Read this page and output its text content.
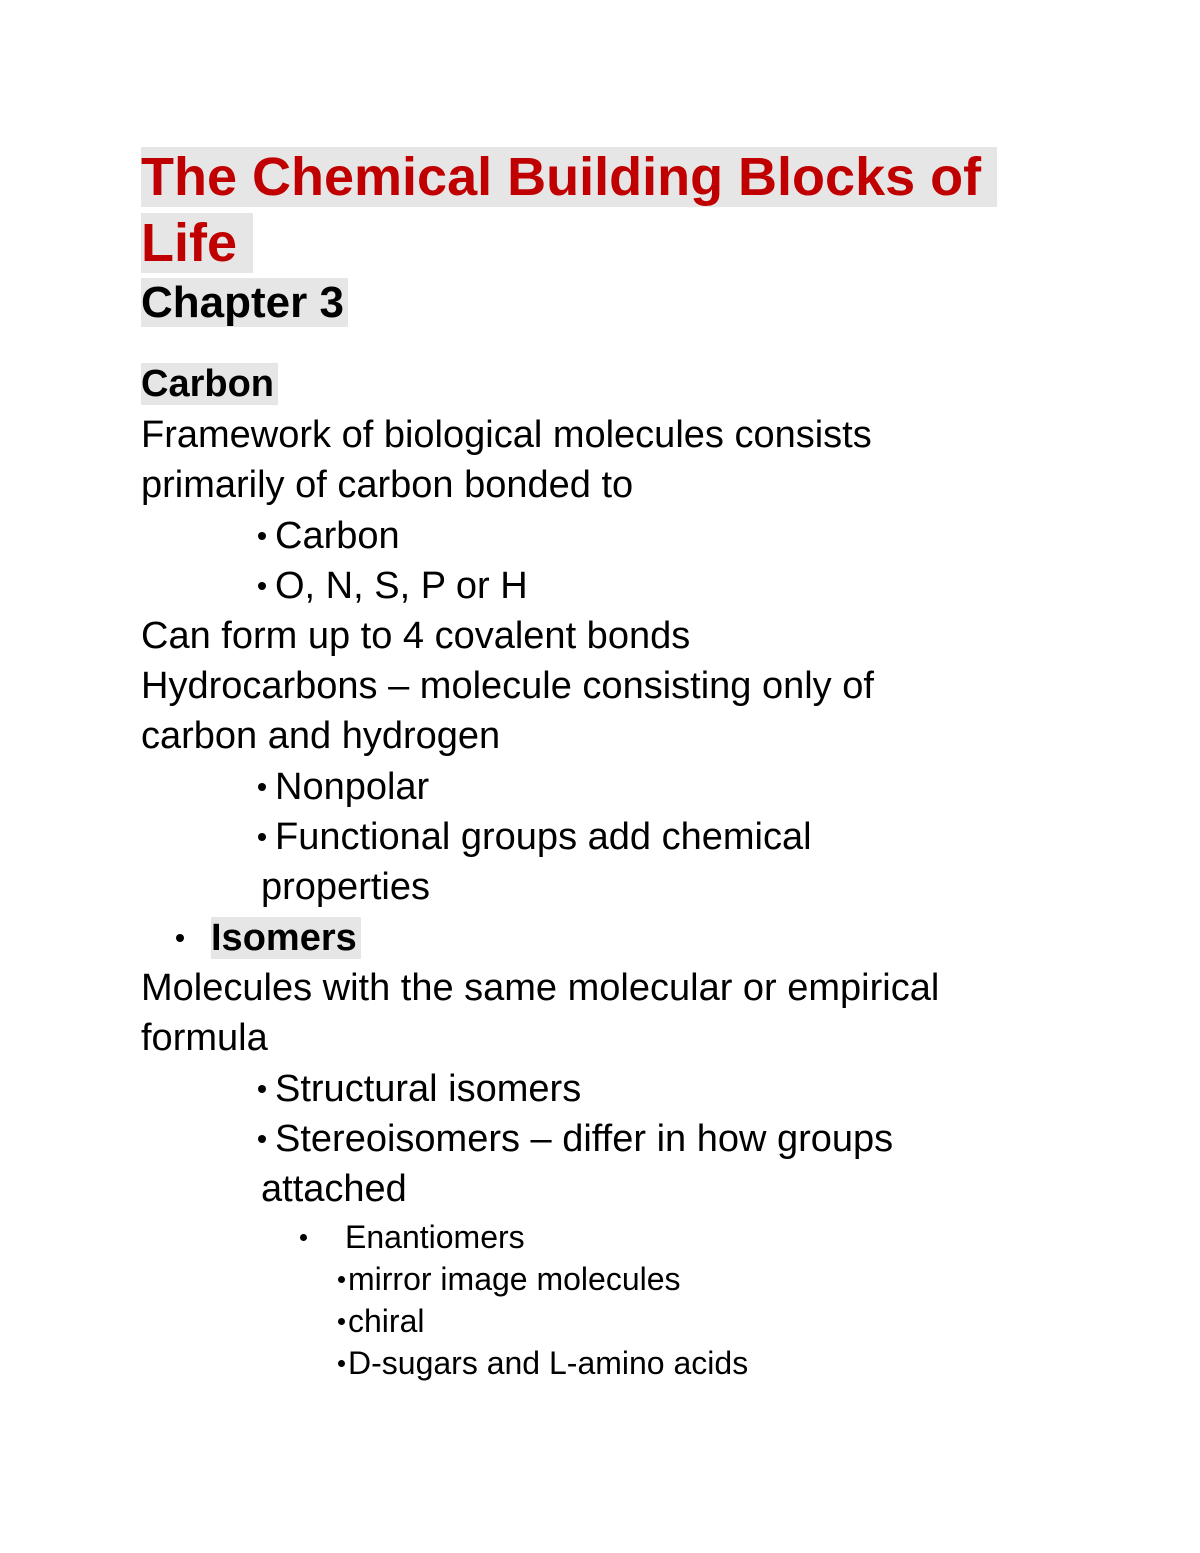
The Chemical Building Blocks of
Life
Chapter 3
Carbon
Framework of biological molecules consists
primarily of carbon bonded to
Carbon
O, N, S, P or H
Can form up to 4 covalent bonds
Hydrocarbons – molecule consisting only of
carbon and hydrogen
Nonpolar
Functional groups add chemical
properties
Isomers
Molecules with the same molecular or empirical
formula
Structural isomers
Stereoisomers – differ in how groups
attached
Enantiomers
mirror image molecules
chiral
D-sugars and L-amino acids
